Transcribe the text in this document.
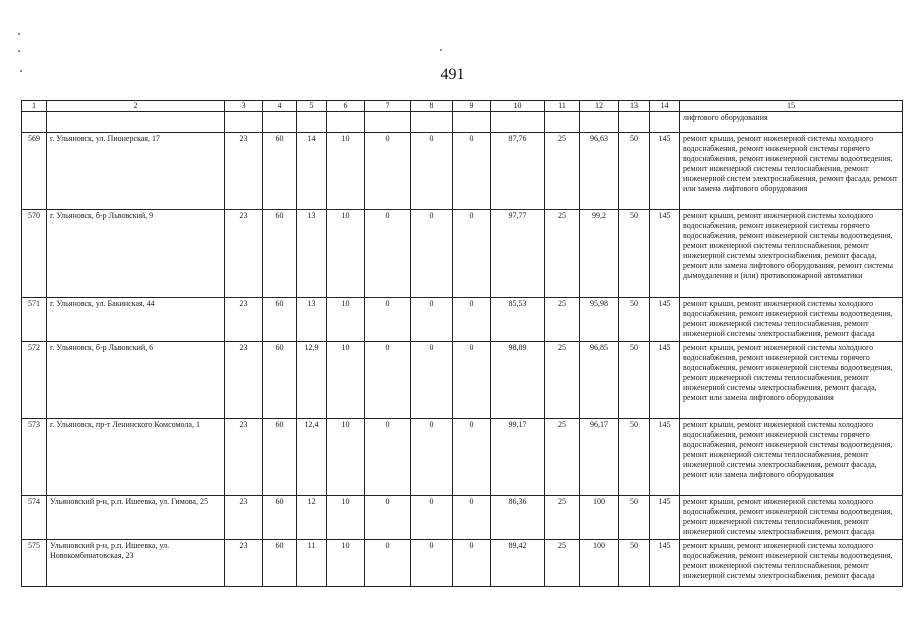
491
1	2	3	4	5	6	7	8	9	10	11	12	13	14	15
														лифтового оборудования
569	г. Ульяновск, ул. Пионерская, 17	23	60	14	10	0	0	0	87,76	25	96,63	50	145	ремонт крыши, ремонт инженерной системы холодного водоснабжения, ремонт инженерной системы горячего водоснабжения, ремонт инженерной системы водоотведения, ремонт инженерной системы теплоснабжения, ремонт инженерной систем электроснабжения, ремонт фасада, ремонт или замена лифтового оборудования
570	г. Ульяновск, б-р Львовский, 9	23	60	13	10	0	0	0	97,77	25	99,2	50	145	ремонт крыши, ремонт инженерной системы холодного водоснабжения, ремонт инженерной системы горячего водоснабжения, ремонт инженерной системы водоотведения, ремонт инженерной системы теплоснабжения, ремонт инженерной системы электроснабжения, ремонт фасада, ремонт или замена лифтового оборудования, ремонт системы дымоудаления и (или) противопожарной автоматики
571	г. Ульяновск, ул. Бакинская, 44	23	60	13	10	0	0	0	85,53	25	95,98	50	145	ремонт крыши, ремонт инженерной системы холодного водоснабжения, ремонт инженерной системы водоотведения, ремонт инженерной системы теплоснабжения, ремонт инженерной системы электроснабжения, ремонт фасада
572	г. Ульяновск, б-р Львовский, 6	23	60	12,9	10	0	0	0	98,89	25	96,85	50	145	ремонт крыши, ремонт инженерной системы холодного водоснабжения, ремонт инженерной системы горячего водоснабжения, ремонт инженерной системы водоотведения, ремонт инженерной системы теплоснабжения, ремонт инженерной системы электроснабжения, ремонт фасада, ремонт или замена лифтового оборудования
573	г. Ульяновск, пр-т Ленинского Комсомола, 1	23	60	12,4	10	0	0	0	99,17	25	96,17	50	145	ремонт крыши, ремонт инженерной системы холодного водоснабжения, ремонт инженерной системы горячего водоснабжения, ремонт инженерной системы водоотведения, ремонт инженерной системы теплоснабжения, ремонт инженерной системы электроснабжения, ремонт фасада, ремонт или замена лифтового оборудования
574	Ульяновский р-н, р.п. Ишеевка, ул. Гимова, 25	23	60	12	10	0	0	0	86,36	25	100	50	145	ремонт крыши, ремонт инженерной системы холодного водоснабжения, ремонт инженерной системы водоотведения, ремонт инженерной системы теплоснабжения, ремонт инженерной системы электроснабжения, ремонт фасада
575	Ульяновский р-н, р.п. Ишеевка, ул. Новокомбинатовская, 23	23	60	11	10	0	0	0	89,42	25	100	50	145	ремонт крыши, ремонт инженерной системы холодного водоснабжения, ремонт инженерной системы водоотведения, ремонт инженерной системы теплоснабжения, ремонт инженерной системы электроснабжения, ремонт фасада
